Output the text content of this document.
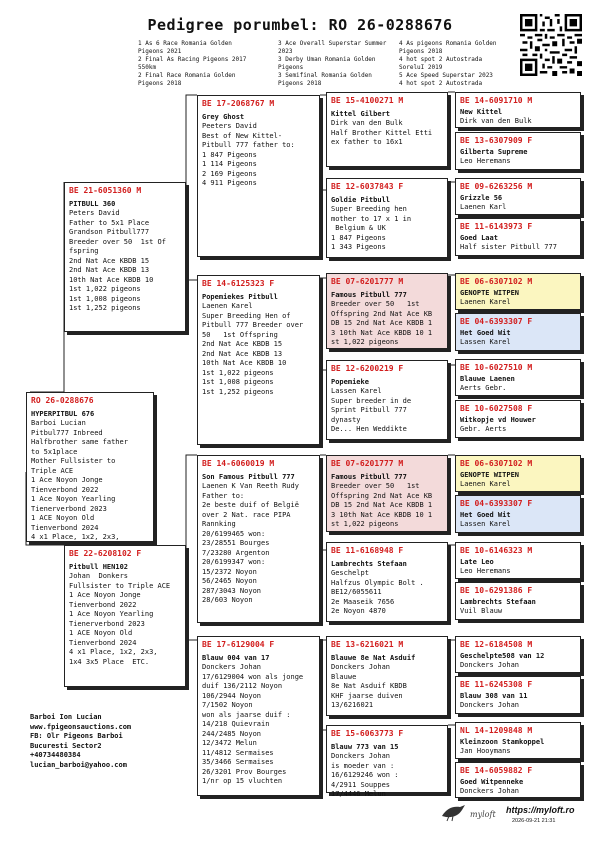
Pedigree porumbel: RO 26-0288676
1 As 6 Race Romania Golden
Pigeons 2021
2 Final As Racing Pigeons 2017
550km
2 Final Race Romania Golden
Pigeons 2018
3 Ace Overall Superstar Summer
2023
3 Derby Uman Romania Golden
Pigeons
3 Semifinal Romania Golden
Pigeons 2018
4 As pigeons Romania Golden
Pigeons 2018
4 hot spot 2 Autostrada
SoreluI 2019
5 Ace Speed Superstar 2023
4 hot spot 2 Autostrada
RO 26-0288676
HYPERPITBUL 676
Barboi Lucian
Pitbul777 Inbreed
Halfbrother same father
to 5x1place
Mother Fullsister to
Triple ACE
1 Ace Noyon Jonge
Tienverbond 2022
1 Ace Noyon Yearling
Tienerverbond 2023
1 ACE Noyon Old
Tienverbond 2024
4 x1 Place, 1x2, 2x3,
BE 21-6051360 M
PITBULL 360
Peters David
Father to 5x1 Place
Grandson Pitbull777
Breeder over 50  1st Of
fspring
2nd Nat Ace KBDB 15
2nd Nat Ace KBDB 13
10th Nat Ace KBDB 10
1st 1,022 pigeons
1st 1,008 pigeons
1st 1,252 pigeons
BE 22-6208102 F
Pitbull HEN102
Johan  Donkers
Fullsister to Triple ACE
1 Ace Noyon Jonge
Tienverbond 2022
1 Ace Noyon Yearling
Tienerverbond 2023
1 ACE Noyon Old
Tienverbond 2024
4 x1 Place, 1x2, 2x3,
1x4 3x5 Place  ETC.
BE 17-2068767 M
Grey Ghost
Peeters David
Best of New Kittel-
Pitbull 777 father to:
1 847 Pigeons
1 114 Pigeons
2 169 Pigeons
4 911 Pigeons
BE 14-6125323 F
Popemiekes Pitbull
Laenen Karel
Super Breeding Hen of
Pitbull 777 Breeder over
50   1st Offspring
2nd Nat Ace KBDB 15
2nd Nat Ace KBDB 13
10th Nat Ace KBDB 10
1st 1,022 pigeons
1st 1,008 pigeons
1st 1,252 pigeons
BE 14-6060019 M
Son Famous Pitbull 777
Laenen K Van Reeth Rudy
Father to:
2e beste duif of België
over 2 Nat. race PIPA
Rannking
20/6199465 won:
23/28551 Bourges
7/23280 Argenton
20/6199347 won:
15/2372 Noyon
56/2465 Noyon
287/3043 Noyon
28/603 Noyon
BE 17-6129004 F
Blauw 004 van 17
Donckers Johan
17/6129004 won als jonge
duif 136/2112 Noyon
106/2944 Noyon
7/1502 Noyon
won als jaarse duif :
14/218 Quievrain
244/2485 Noyon
12/3472 Melun
11/4812 Sermaises
35/3466 Sermaises
26/3201 Prov Bourges
1/nr op 15 vluchten
BE 15-4100271 M
Kittel Gilbert
Dirk van den Bulk
Half Brother Kittel Etti
ex father to 16x1
BE 12-6037843 F
Goldie Pitbull
Super Breeding hen
mother to 17 x 1 in
Belgium & UK
1 847 Pigeons
1 343 Pigeons
BE 07-6201777 M
Famous Pitbull 777
Breeder over 50   1st
Offspring 2nd Nat Ace KB
DB 15 2nd Nat Ace KBDB 1
3 10th Nat Ace KBDB 10 1
st 1,022 pigeons
BE 12-6200219 F
Popemieke
Lassen Karel
Super breeder in de
Sprint Pitbull 777
dynasty
De... Hen Weddikte
BE 07-6201777 M
Famous Pitbull 777
Breeder over 50   1st
Offspring 2nd Nat Ace KB
DB 15 2nd Nat Ace KBDB 1
3 10th Nat Ace KBDB 10 1
st 1,022 pigeons
BE 11-6168948 F
Lambrechts Stefaan
Geschelpt
Halfzus Olympic Bolt .
BE12/6055611
2e Maaseik 7656
2e Noyon 4870
BE 13-6216021 M
Blauwe 8e Nat Asduif
Donckers Johan
Blauwe
8e Nat Asduif KBDB
KHF jaarse duiven
13/6216021
BE 15-6063773 F
Blauw 773 van 15
Donckers Johan
is moeder van :
16/6129246 won :
4/2911 Souppes
17/4446 Melun
BE 14-6091710 M
New Kittel
Dirk van den Bulk
BE 13-6307909 F
Gilberta Supreme
Leo Heremans
BE 09-6263256 M
Grizzle 56
Laenen Karl
BE 11-6143973 F
Goed Laat
Half sister Pitbull 777
BE 06-6307102 M
GENOPTE WITPEN
Laenen Karel
BE 04-6393307 F
Het Goed Wit
Lassen Karel
BE 10-6027510 M
Blauwe Laenen
Aerts Gebr.
BE 10-6027508 F
Witkopje vd Houwer
Gebr. Aerts
BE 06-6307102 M
GENOPTE WITPEN
Laenen Karel
BE 04-6393307 F
Het Goed Wit
Lassen Karel
BE 10-6146323 M
Late Leo
Leo Heremans
BE 10-6291386 F
Lambrechts Stefaan
Vuil Blauw
BE 12-6184508 M
Geschelpte508 van 12
Donckers Johan
BE 11-6245308 F
Blauw 308 van 11
Donckers Johan
NL 14-1209848 M
Kleinzoon Stamkoppel
Jan Hooymans
BE 14-6059882 F
Goed Witpenneke
Donckers Johan
Barboi Ion Lucian
www.fpigeonsauctions.com
FB: Olr Pigeons Barboi
Bucuresti Sector2
+40734480384
lucian_barboi@yahoo.com
myloft https://myloft.ro
2026-09-21 21:31
